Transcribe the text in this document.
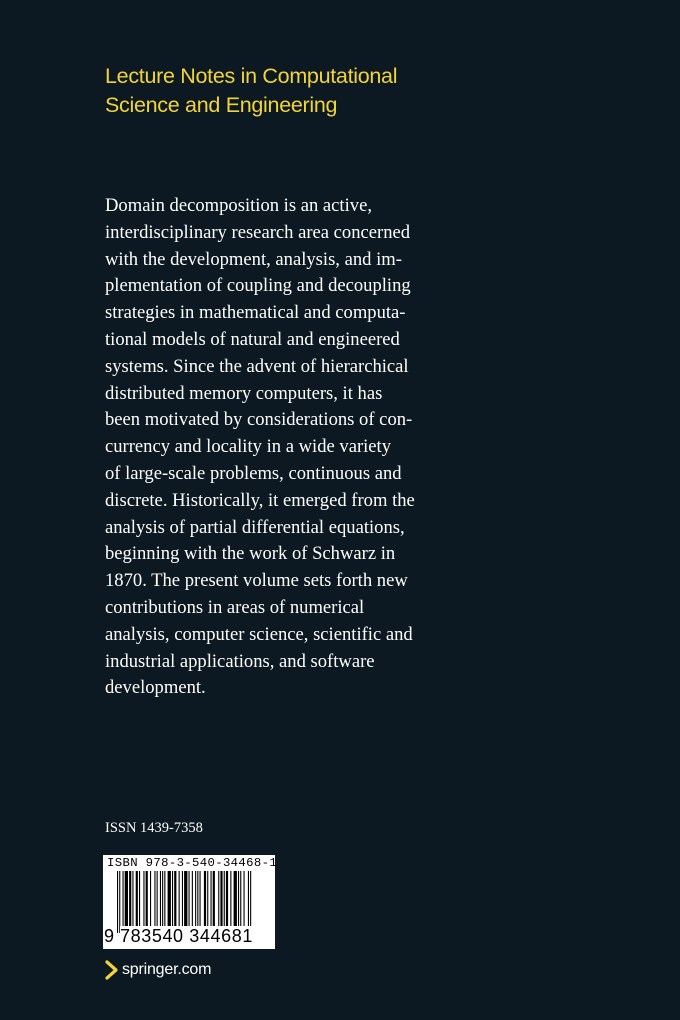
Lecture Notes in Computational
Science and Engineering
Domain decomposition is an active,
interdisciplinary research area concerned
with the development, analysis, and im-
plementation of coupling and decoupling
strategies in mathematical and computa-
tional models of natural and engineered
systems. Since the advent of hierarchical
distributed memory computers, it has
been motivated by considerations of con-
currency and locality in a wide variety
of large-scale problems, continuous and
discrete. Historically, it emerged from the
analysis of partial differential equations,
beginning with the work of Schwarz in
1870. The present volume sets forth new
contributions in areas of numerical
analysis, computer science, scientific and
industrial applications, and software
development.
ISSN 1439-7358
ISBN 978-3-540-34468-1
9 783540 344681
springer.com
